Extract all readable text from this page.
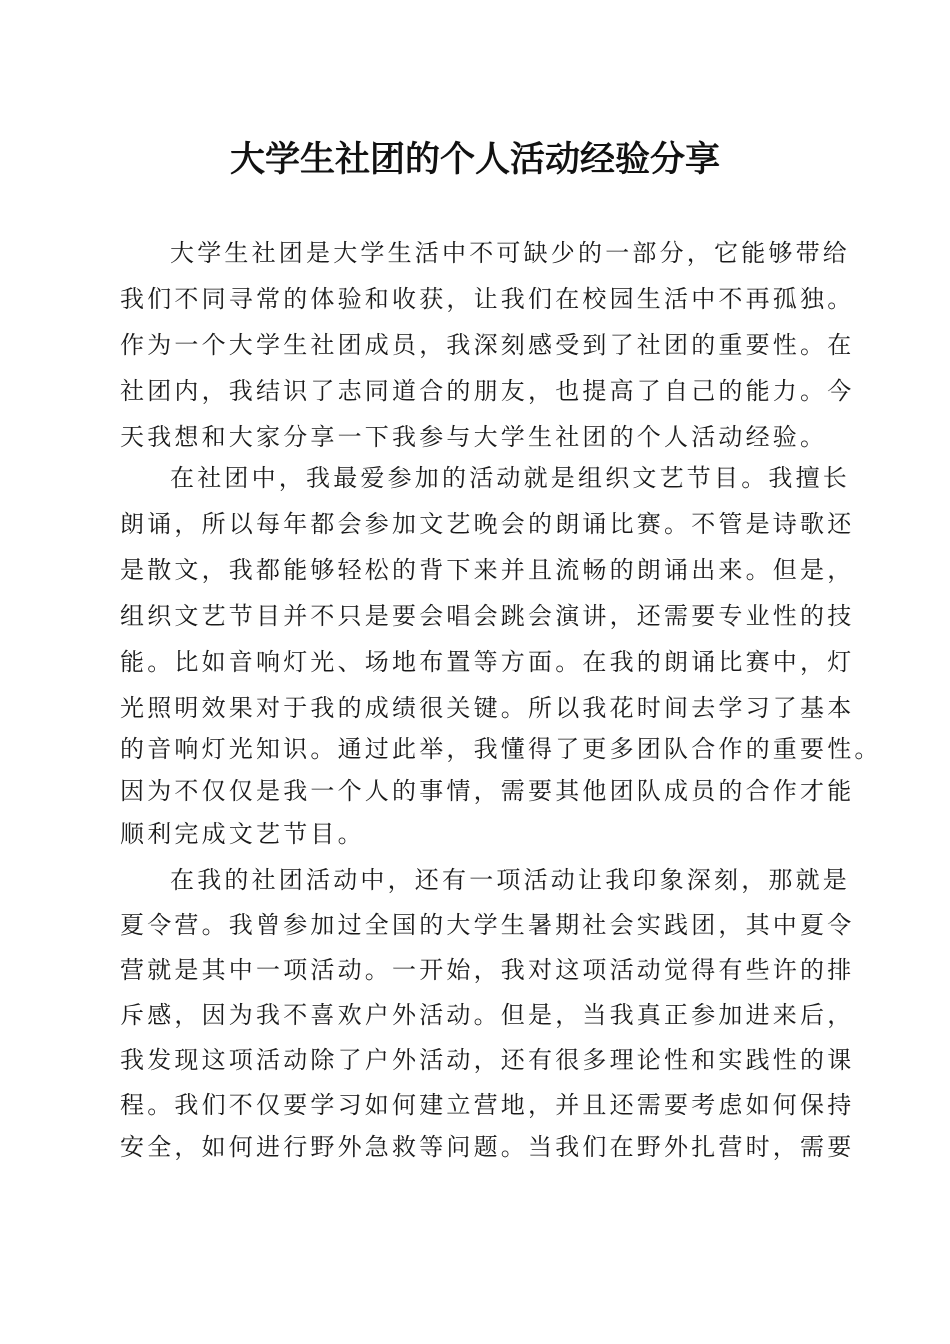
大学生社团的个人活动经验分享

大学生社团是大学生活中不可缺少的一部分，它能够带给

我们不同寻常的体验和收获，让我们在校园生活中不再孤独。

作为一个大学生社团成员，我深刻感受到了社团的重要性。在

社团内，我结识了志同道合的朋友，也提高了自己的能力。今

天我想和大家分享一下我参与大学生社团的个人活动经验。

在社团中，我最爱参加的活动就是组织文艺节目。我擅长

朗诵，所以每年都会参加文艺晚会的朗诵比赛。不管是诗歌还

是散文，我都能够轻松的背下来并且流畅的朗诵出来。但是，

组织文艺节目并不只是要会唱会跳会演讲，还需要专业性的技

能。比如音响灯光、场地布置等方面。在我的朗诵比赛中，灯

光照明效果对于我的成绩很关键。所以我花时间去学习了基本

的音响灯光知识。通过此举，我懂得了更多团队合作的重要性。

因为不仅仅是我一个人的事情，需要其他团队成员的合作才能

顺利完成文艺节目。

在我的社团活动中，还有一项活动让我印象深刻，那就是

夏令营。我曾参加过全国的大学生暑期社会实践团，其中夏令

营就是其中一项活动。一开始，我对这项活动觉得有些许的排

斥感，因为我不喜欢户外活动。但是，当我真正参加进来后，

我发现这项活动除了户外活动，还有很多理论性和实践性的课

程。我们不仅要学习如何建立营地，并且还需要考虑如何保持

安全，如何进行野外急救等问题。当我们在野外扎营时，需要
